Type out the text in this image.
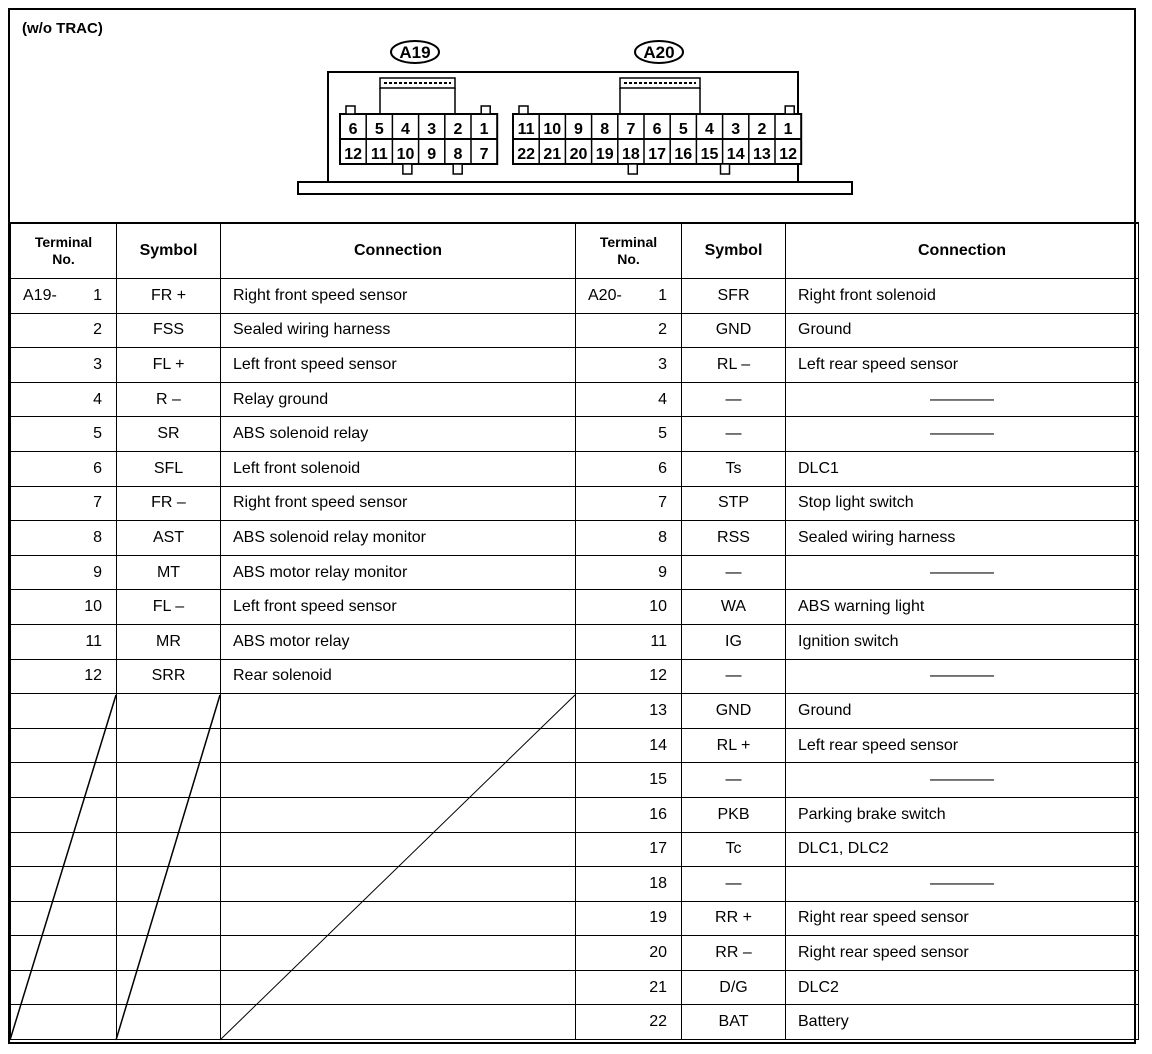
(w/o TRAC)
A19
6 5 4 3 2 1
12 11 10 9 8 7
A20
11 10 9 8 7 6 5 4 3 2 1
22 21 20 19 18 17 16 15 14 13 12
Terminal
No.	Symbol	Connection

A19- 1	FR +	Right front speed sensor
2	FSS	Sealed wiring harness
3	FL +	Left front speed sensor
4	R –	Relay ground
5	SR	ABS solenoid relay
6	SFL	Left front solenoid
7	FR –	Right front speed sensor
8	AST	ABS solenoid relay monitor
9	MT	ABS motor relay monitor
10	FL –	Left front speed sensor
11	MR	ABS motor relay
12	SRR	Rear solenoid

Terminal
No.	Symbol	Connection

A20- 1	SFR	Right front solenoid
2	GND	Ground
3	RL –	Left rear speed sensor
4	—	————
5	—	————
6	Ts	DLC1
7	STP	Stop light switch
8	RSS	Sealed wiring harness
9	—	————
10	WA	ABS warning light
11	IG	Ignition switch
12	—	————
13	GND	Ground
14	RL +	Left rear speed sensor
15	—	————
16	PKB	Parking brake switch
17	Tc	DLC1, DLC2
18	—	————
19	RR +	Right rear speed sensor
20	RR –	Right rear speed sensor
21	D/G	DLC2
22	BAT	Battery
